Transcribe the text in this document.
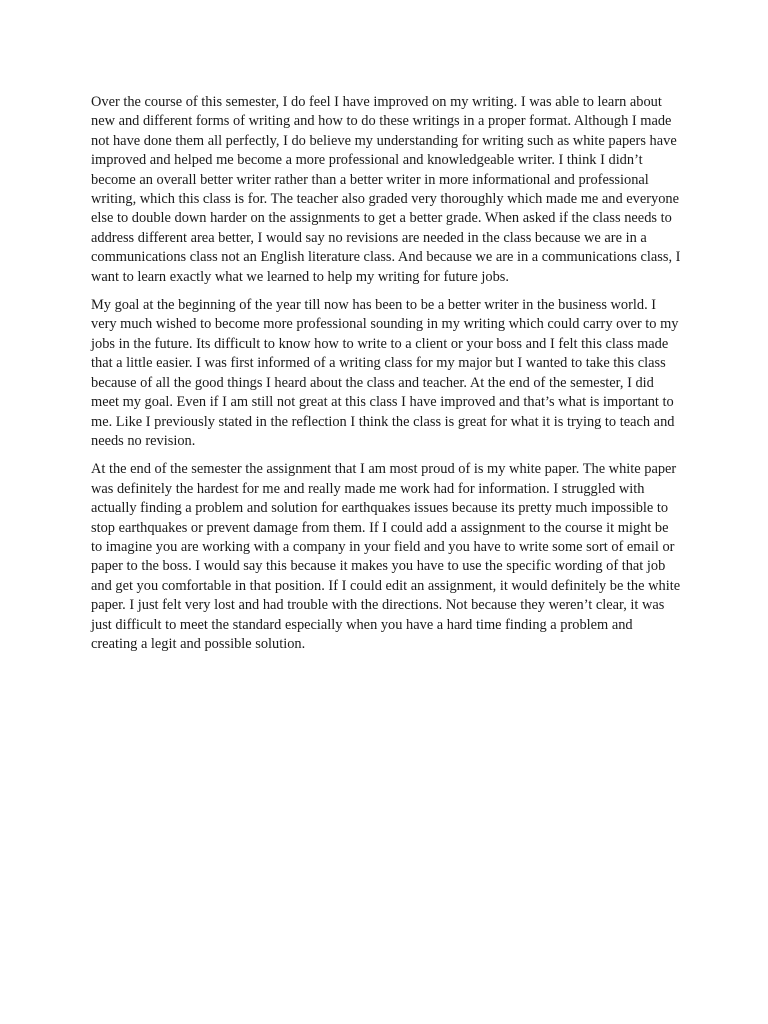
Over the course of this semester, I do feel I have improved on my writing. I was able to learn about new and different forms of writing and how to do these writings in a proper format. Although I made not have done them all perfectly, I do believe my understanding for writing such as white papers have improved and helped me become a more professional and knowledgeable writer. I think I didn’t become an overall better writer rather than a better writer in more informational and professional writing, which this class is for. The teacher also graded very thoroughly which made me and everyone else to double down harder on the assignments to get a better grade. When asked if the class needs to address different area better, I would say no revisions are needed in the class because we are in a communications class not an English literature class. And because we are in a communications class, I want to learn exactly what we learned to help my writing for future jobs.

My goal at the beginning of the year till now has been to be a better writer in the business world. I very much wished to become more professional sounding in my writing which could carry over to my jobs in the future. Its difficult to know how to write to a client or your boss and I felt this class made that a little easier. I was first informed of a writing class for my major but I wanted to take this class because of all the good things I heard about the class and teacher. At the end of the semester, I did meet my goal. Even if I am still not great at this class I have improved and that’s what is important to me. Like I previously stated in the reflection I think the class is great for what it is trying to teach and needs no revision.

At the end of the semester the assignment that I am most proud of is my white paper. The white paper was definitely the hardest for me and really made me work had for information. I struggled with actually finding a problem and solution for earthquakes issues because its pretty much impossible to stop earthquakes or prevent damage from them. If I could add a assignment to the course it might be to imagine you are working with a company in your field and you have to write some sort of email or paper to the boss. I would say this because it makes you have to use the specific wording of that job and get you comfortable in that position. If I could edit an assignment, it would definitely be the white paper. I just felt very lost and had trouble with the directions. Not because they weren’t clear, it was just difficult to meet the standard especially when you have a hard time finding a problem and creating a legit and possible solution.
